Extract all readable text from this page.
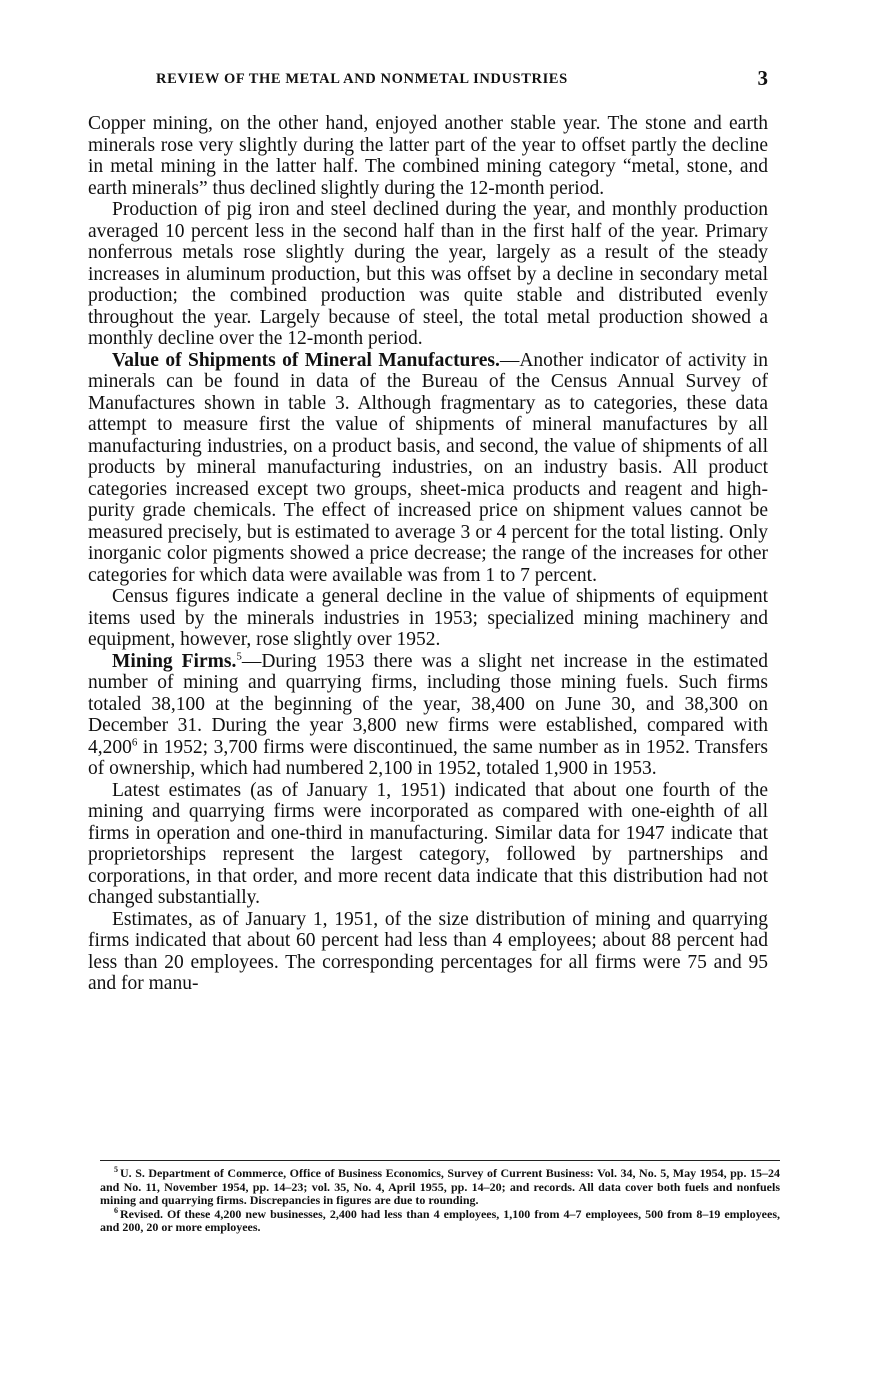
REVIEW OF THE METAL AND NONMETAL INDUSTRIES	3

Copper mining, on the other hand, enjoyed another stable year. The stone and earth minerals rose very slightly during the latter part of the year to offset partly the decline in metal mining in the latter half. The combined mining category “metal, stone, and earth minerals” thus declined slightly during the 12-month period.

Production of pig iron and steel declined during the year, and monthly production averaged 10 percent less in the second half than in the first half of the year. Primary nonferrous metals rose slightly during the year, largely as a result of the steady increases in aluminum production, but this was offset by a decline in secondary metal production; the combined production was quite stable and distributed evenly throughout the year. Largely because of steel, the total metal production showed a monthly decline over the 12-month period.

Value of Shipments of Mineral Manufactures.—Another indicator of activity in minerals can be found in data of the Bureau of the Census Annual Survey of Manufactures shown in table 3. Although fragmentary as to categories, these data attempt to measure first the value of shipments of mineral manufactures by all manufacturing industries, on a product basis, and second, the value of shipments of all products by mineral manufacturing industries, on an industry basis. All product categories increased except two groups, sheet-mica products and reagent and high-purity grade chemicals. The effect of increased price on shipment values cannot be measured precisely, but is estimated to average 3 or 4 percent for the total listing. Only inorganic color pigments showed a price decrease; the range of the increases for other categories for which data were available was from 1 to 7 percent.

Census figures indicate a general decline in the value of shipments of equipment items used by the minerals industries in 1953; specialized mining machinery and equipment, however, rose slightly over 1952.

Mining Firms.$^5$—During 1953 there was a slight net increase in the estimated number of mining and quarrying firms, including those mining fuels. Such firms totaled 38,100 at the beginning of the year, 38,400 on June 30, and 38,300 on December 31. During the year 3,800 new firms were established, compared with 4,200$^6$ in 1952; 3,700 firms were discontinued, the same number as in 1952. Transfers of ownership, which had numbered 2,100 in 1952, totaled 1,900 in 1953.

Latest estimates (as of January 1, 1951) indicated that about one fourth of the mining and quarrying firms were incorporated as compared with one-eighth of all firms in operation and one-third in manufacturing. Similar data for 1947 indicate that proprietorships represent the largest category, followed by partnerships and corporations, in that order, and more recent data indicate that this distribution had not changed substantially.

Estimates, as of January 1, 1951, of the size distribution of mining and quarrying firms indicated that about 60 percent had less than 4 employees; about 88 percent had less than 20 employees. The corresponding percentages for all firms were 75 and 95 and for manu-

$^5$ U. S. Department of Commerce, Office of Business Economics, Survey of Current Business: Vol. 34, No. 5, May 1954, pp. 15–24 and No. 11, November 1954, pp. 14–23; vol. 35, No. 4, April 1955, pp. 14–20; and records. All data cover both fuels and nonfuels mining and quarrying firms. Discrepancies in figures are due to rounding.

$^6$ Revised. Of these 4,200 new businesses, 2,400 had less than 4 employees, 1,100 from 4–7 employees, 500 from 8–19 employees, and 200, 20 or more employees.
